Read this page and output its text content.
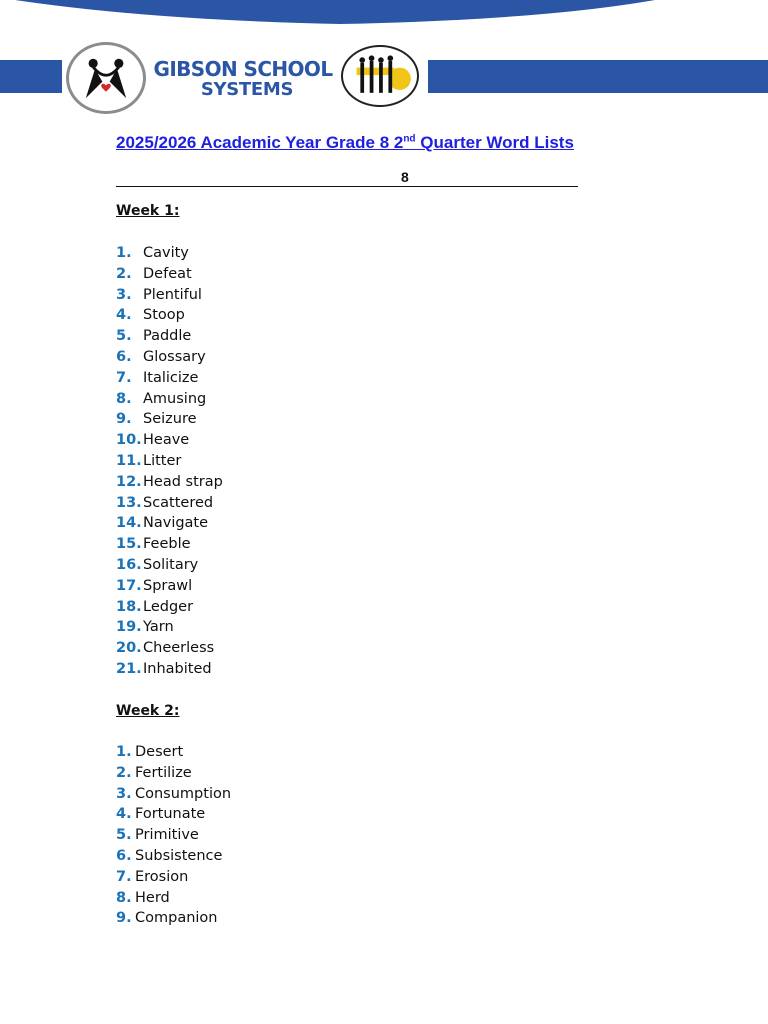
GIBSON SCHOOL
SYSTEMS
2025/2026 Academic Year Grade 8 2nd Quarter Word Lists
8
Week 1:
1. Cavity
2. Defeat
3. Plentiful
4. Stoop
5. Paddle
6. Glossary
7. Italicize
8. Amusing
9. Seizure
10.Heave
11.Litter
12.Head strap
13.Scattered
14.Navigate
15.Feeble
16.Solitary
17.Sprawl
18.Ledger
19.Yarn
20.Cheerless
21.Inhabited
Week 2:
1. Desert
2. Fertilize
3. Consumption
4. Fortunate
5. Primitive
6. Subsistence
7. Erosion
8. Herd
9. Companion
